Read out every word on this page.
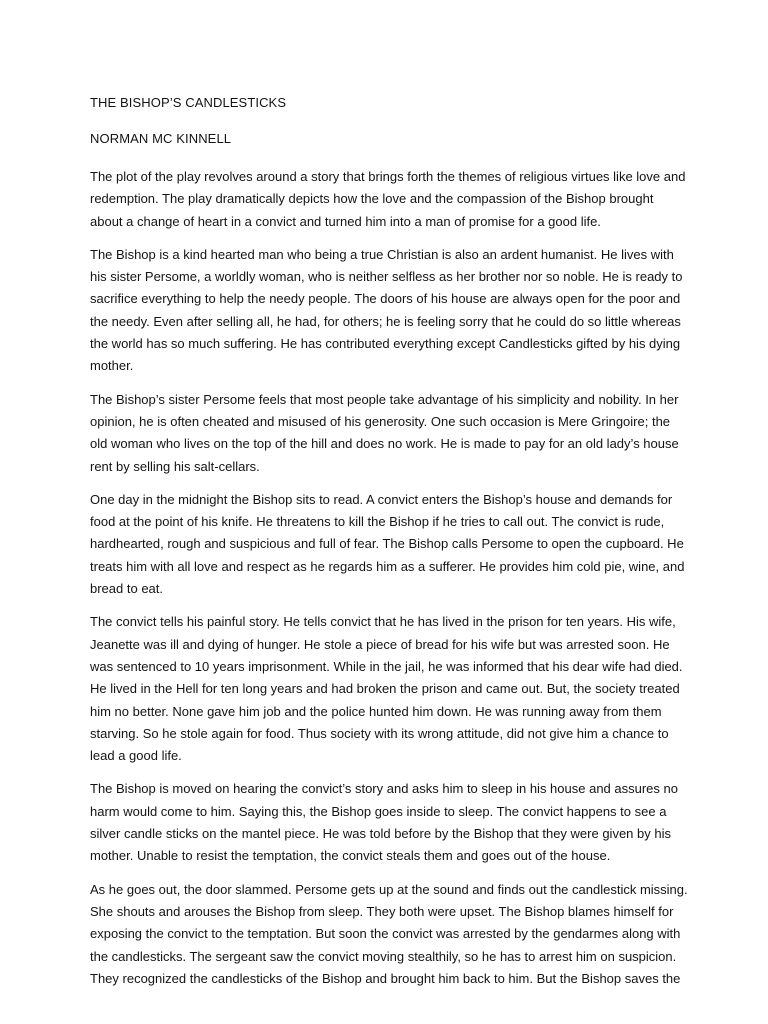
THE BISHOP’S CANDLESTICKS
NORMAN MC KINNELL

The plot of the play revolves around a story that brings forth the themes of religious virtues like love and redemption. The play dramatically depicts how the love and the compassion of the Bishop brought about a change of heart in a convict and turned him into a man of promise for a good life.

The Bishop is a kind hearted man who being a true Christian is also an ardent humanist. He lives with his sister Persome, a worldly woman, who is neither selfless as her brother nor so noble. He is ready to sacrifice everything to help the needy people. The doors of his house are always open for the poor and the needy. Even after selling all, he had, for others; he is feeling sorry that he could do so little whereas the world has so much suffering. He has contributed everything except Candlesticks gifted by his dying mother.

The Bishop’s sister Persome feels that most people take advantage of his simplicity and nobility. In her opinion, he is often cheated and misused of his generosity. One such occasion is Mere Gringoire; the old woman who lives on the top of the hill and does no work. He is made to pay for an old lady’s house rent by selling his salt-cellars.

One day in the midnight the Bishop sits to read. A convict enters the Bishop’s house and demands for food at the point of his knife. He threatens to kill the Bishop if he tries to call out. The convict is rude, hardhearted, rough and suspicious and full of fear. The Bishop calls Persome to open the cupboard. He treats him with all love and respect as he regards him as a sufferer. He provides him cold pie, wine, and bread to eat.

The convict tells his painful story. He tells convict that he has lived in the prison for ten years. His wife, Jeanette was ill and dying of hunger. He stole a piece of bread for his wife but was arrested soon. He was sentenced to 10 years imprisonment. While in the jail, he was informed that his dear wife had died. He lived in the Hell for ten long years and had broken the prison and came out. But, the society treated him no better. None gave him job and the police hunted him down. He was running away from them starving. So he stole again for food. Thus society with its wrong attitude, did not give him a chance to lead a good life.

The Bishop is moved on hearing the convict’s story and asks him to sleep in his house and assures no harm would come to him. Saying this, the Bishop goes inside to sleep. The convict happens to see a silver candle sticks on the mantel piece. He was told before by the Bishop that they were given by his mother. Unable to resist the temptation, the convict steals them and goes out of the house.

As he goes out, the door slammed. Persome gets up at the sound and finds out the candlestick missing. She shouts and arouses the Bishop from sleep. They both were upset. The Bishop blames himself for exposing the convict to the temptation. But soon the convict was arrested by the gendarmes along with the candlesticks. The sergeant saw the convict moving stealthily, so he has to arrest him on suspicion. They recognized the candlesticks of the Bishop and brought him back to him. But the Bishop saves the
